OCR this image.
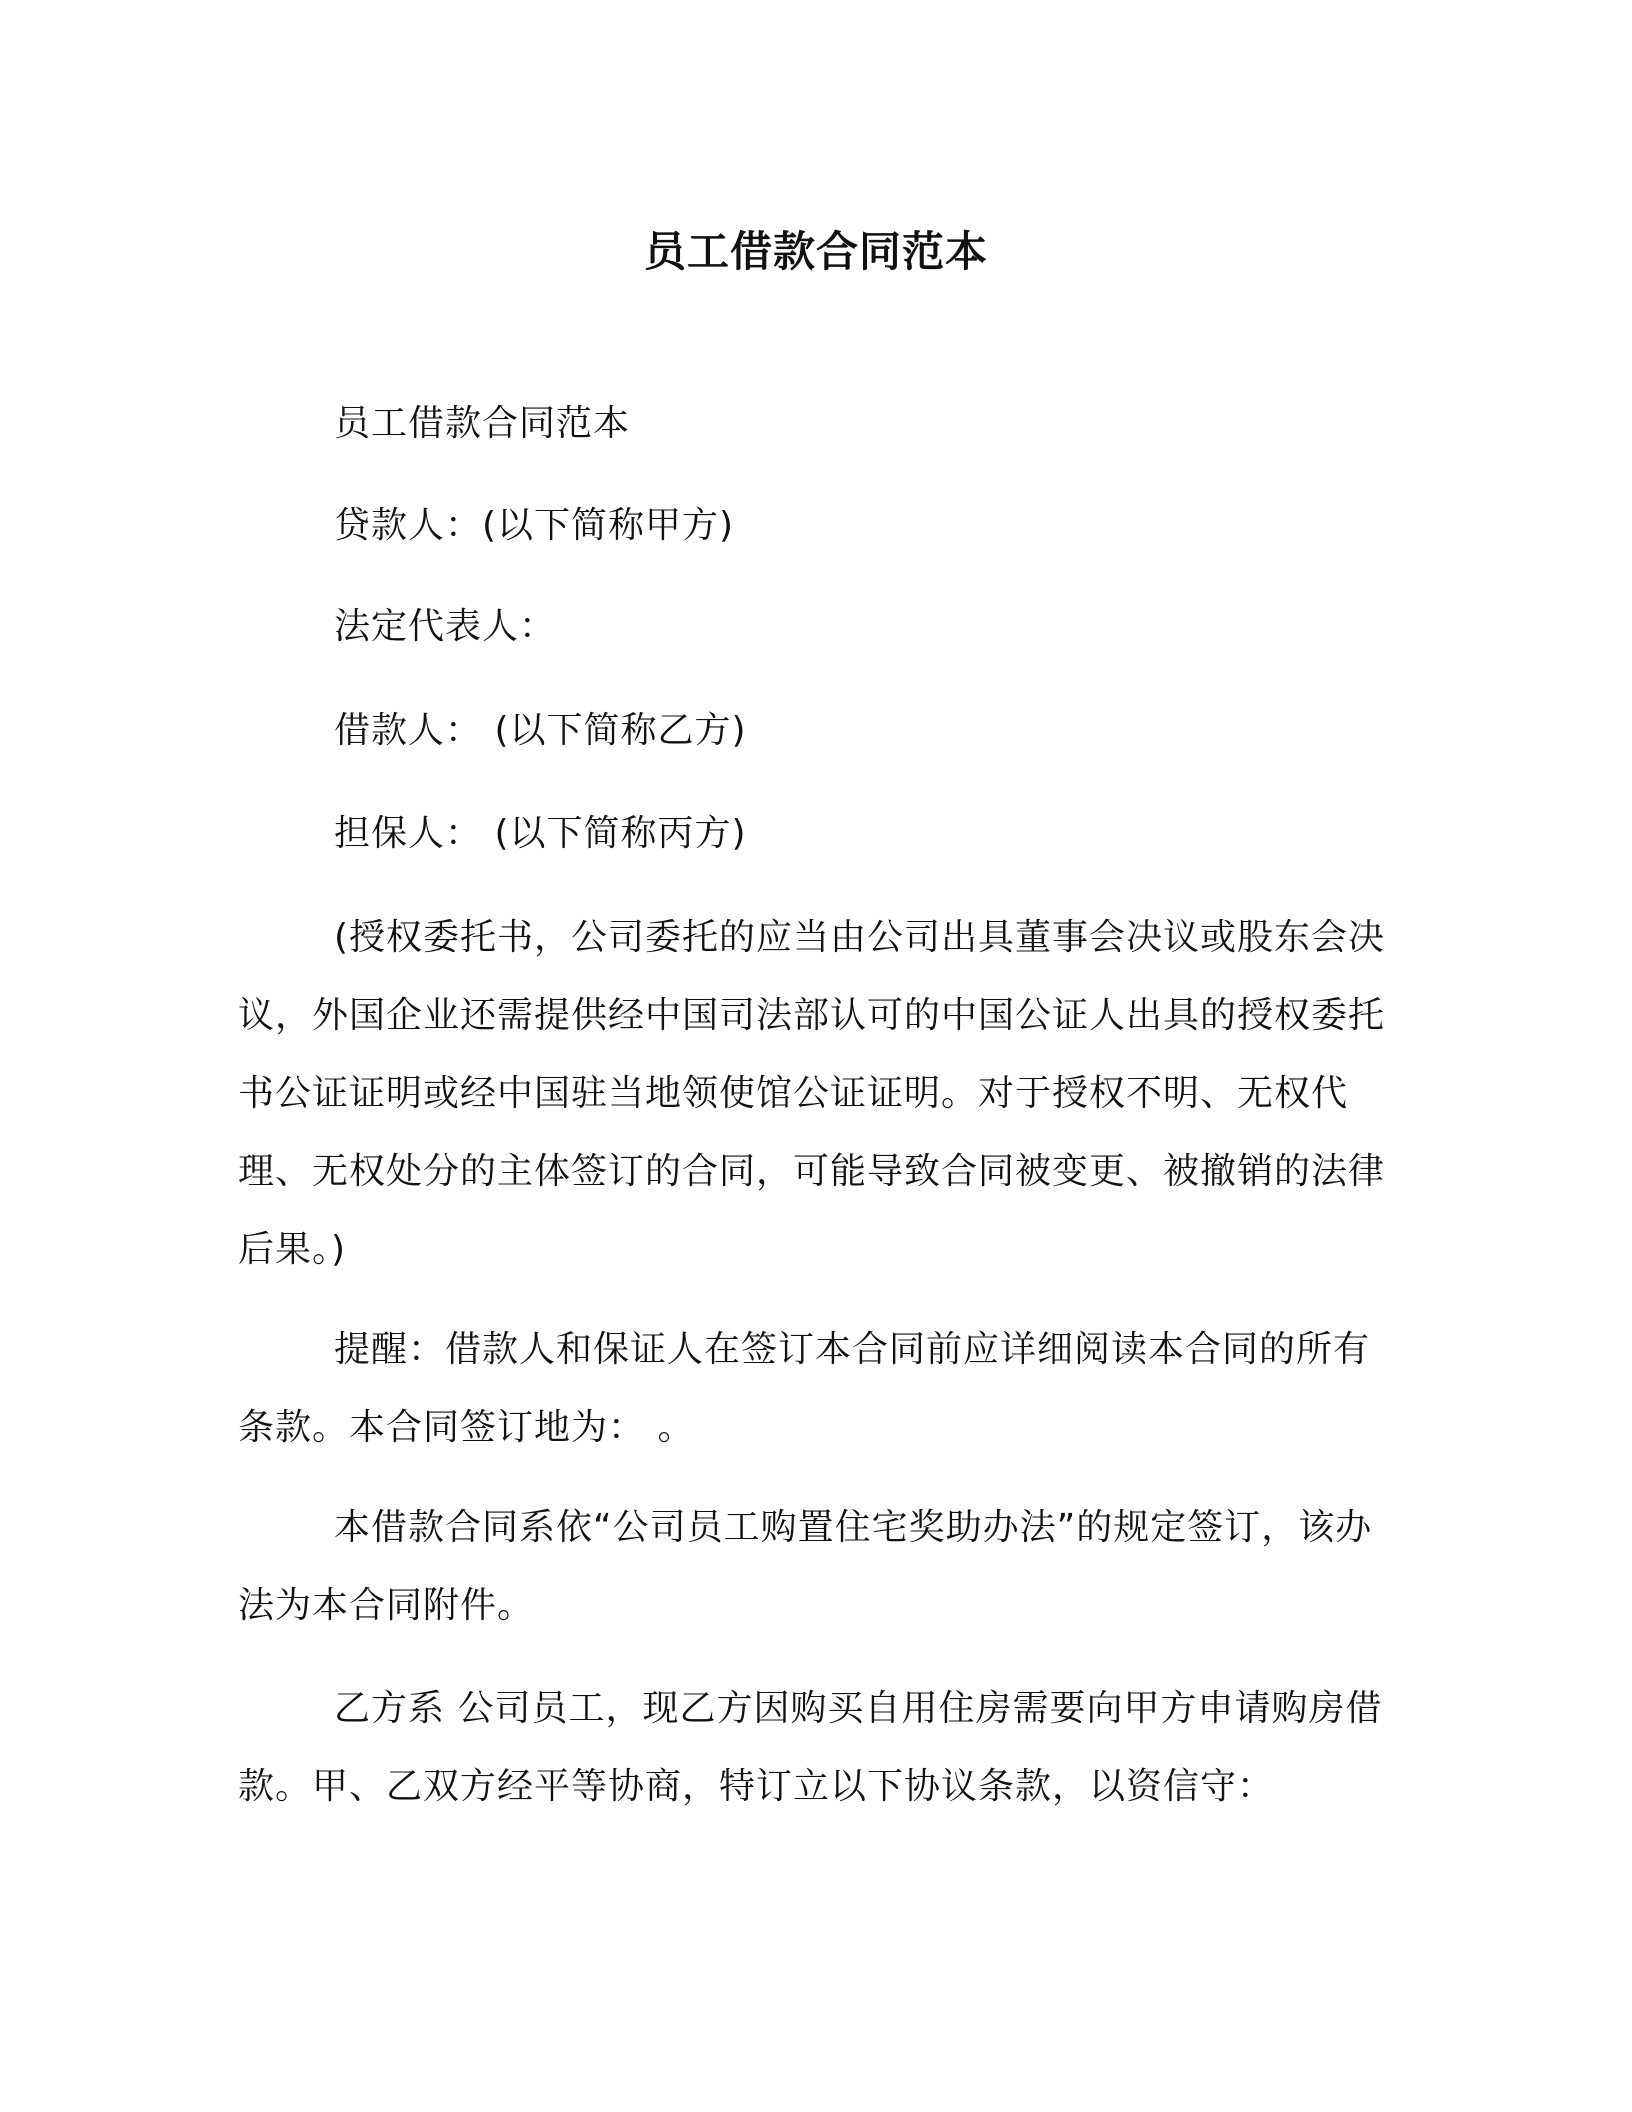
员工借款合同范本

员工借款合同范本

贷款人：(以下简称甲方)

法定代表人：

借款人： (以下简称乙方)

担保人： (以下简称丙方)

(授权委托书，公司委托的应当由公司出具董事会决议或股东会决议，外国企业还需提供经中国司法部认可的中国公证人出具的授权委托书公证证明或经中国驻当地领使馆公证证明。对于授权不明、无权代理、无权处分的主体签订的合同，可能导致合同被变更、被撤销的法律后果。)

提醒：借款人和保证人在签订本合同前应详细阅读本合同的所有条款。本合同签订地为： 。

本借款合同系依“公司员工购置住宅奖助办法”的规定签订，该办法为本合同附件。

乙方系 公司员工，现乙方因购买自用住房需要向甲方申请购房借款。甲、乙双方经平等协商，特订立以下协议条款，以资信守：
